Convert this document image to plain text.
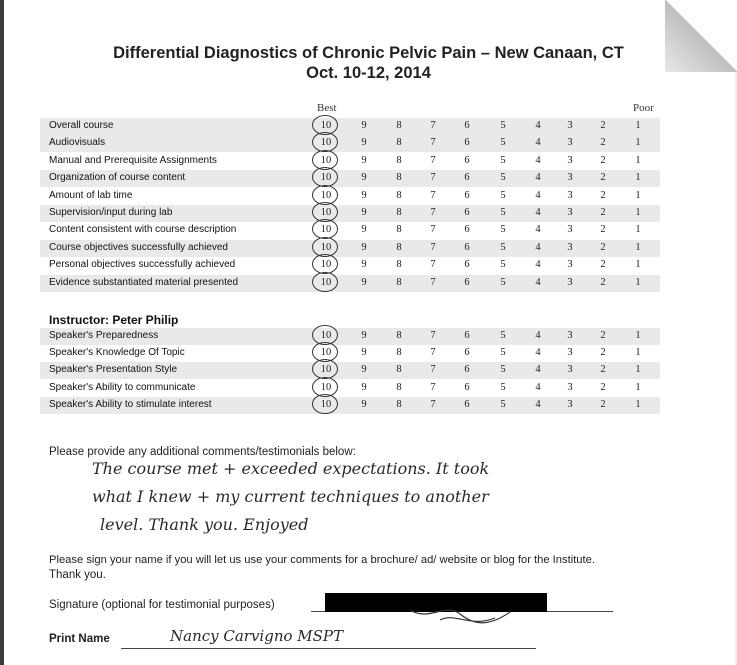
Differential Diagnostics of Chronic Pelvic Pain – New Canaan, CT
Oct. 10-12, 2014
Best	Poor
Overall course	10	9	8	7	6	5	4	3	2	1
Audiovisuals	10	9	8	7	6	5	4	3	2	1
Manual and Prerequisite Assignments	10	9	8	7	6	5	4	3	2	1
Organization of course content	10	9	8	7	6	5	4	3	2	1
Amount of lab time	10	9	8	7	6	5	4	3	2	1
Supervision/input during lab	10	9	8	7	6	5	4	3	2	1
Content consistent with course description	10	9	8	7	6	5	4	3	2	1
Course objectives successfully achieved	10	9	8	7	6	5	4	3	2	1
Personal objectives successfully achieved	10	9	8	7	6	5	4	3	2	1
Evidence substantiated material presented	10	9	8	7	6	5	4	3	2	1
Instructor: Peter Philip
Speaker's Preparedness	10	9	8	7	6	5	4	3	2	1
Speaker's Knowledge Of Topic	10	9	8	7	6	5	4	3	2	1
Speaker's Presentation Style	10	9	8	7	6	5	4	3	2	1
Speaker's Ability to communicate	10	9	8	7	6	5	4	3	2	1
Speaker's Ability to stimulate interest	10	9	8	7	6	5	4	3	2	1
Please provide any additional comments/testimonials below:
The course met + exceeded expectations. It took
what I knew + my current techniques to another
level. Thank you. Enjoyed
Please sign your name if you will let us use your comments for a brochure/ ad/ website or blog for the Institute.
Thank you.
Signature (optional for testimonial purposes)
Print Name	Nancy Carvigno MSPT
